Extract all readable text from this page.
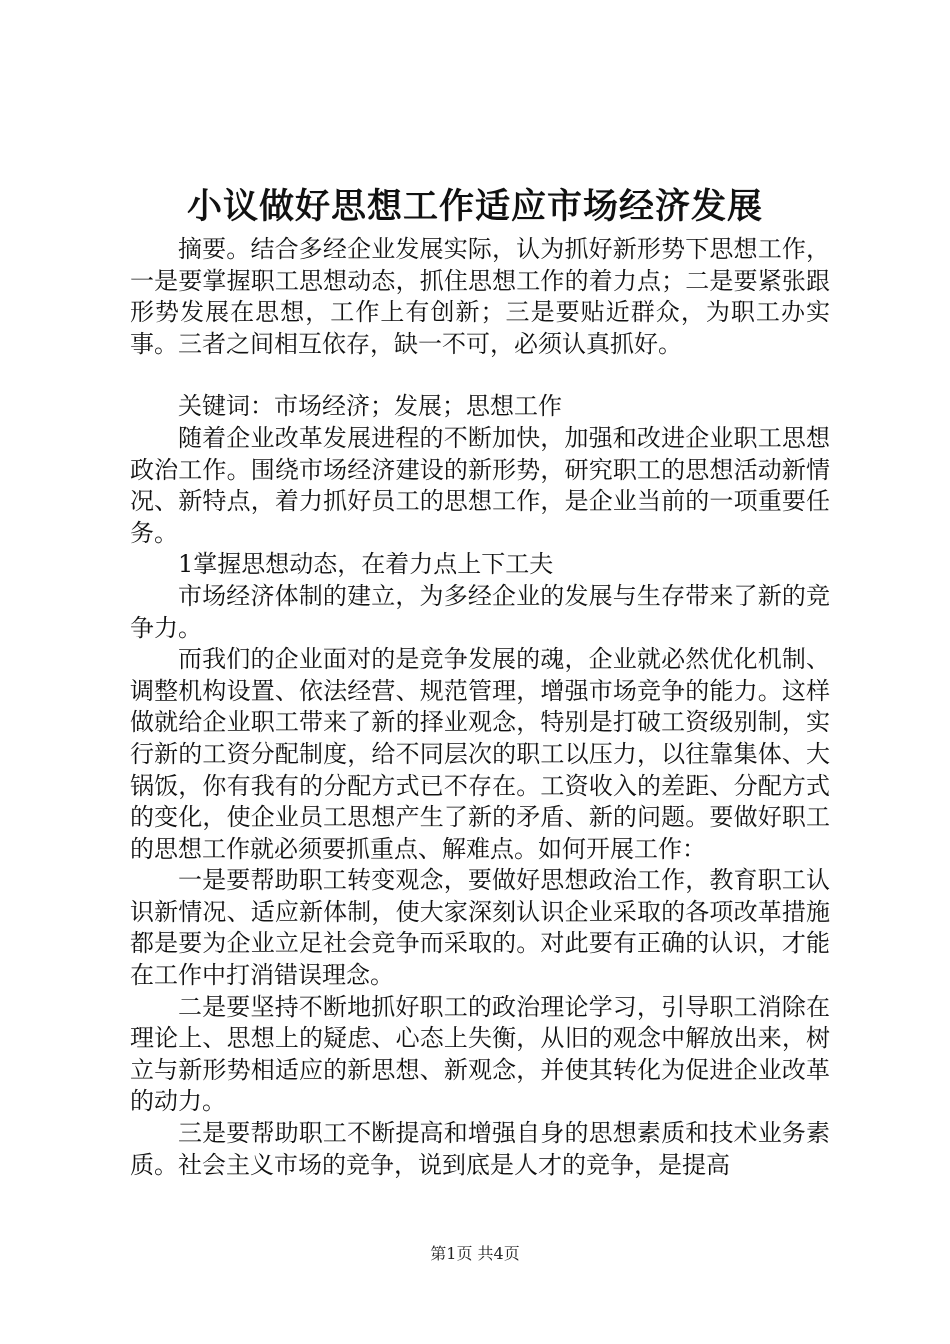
小议做好思想工作适应市场经济发展

摘要。结合多经企业发展实际，认为抓好新形势下思想工作，一是要掌握职工思想动态，抓住思想工作的着力点；二是要紧张跟形势发展在思想，工作上有创新；三是要贴近群众，为职工办实事。三者之间相互依存，缺一不可，必须认真抓好。

关键词：市场经济；发展；思想工作

随着企业改革发展进程的不断加快，加强和改进企业职工思想政治工作。围绕市场经济建设的新形势，研究职工的思想活动新情况、新特点，着力抓好员工的思想工作，是企业当前的一项重要任务。

1掌握思想动态，在着力点上下工夫

市场经济体制的建立，为多经企业的发展与生存带来了新的竞争力。

而我们的企业面对的是竞争发展的魂，企业就必然优化机制、调整机构设置、依法经营、规范管理，增强市场竞争的能力。这样做就给企业职工带来了新的择业观念，特别是打破工资级别制，实行新的工资分配制度，给不同层次的职工以压力，以往靠集体、大锅饭，你有我有的分配方式已不存在。工资收入的差距、分配方式的变化，使企业员工思想产生了新的矛盾、新的问题。要做好职工的思想工作就必须要抓重点、解难点。如何开展工作：

一是要帮助职工转变观念，要做好思想政治工作，教育职工认识新情况、适应新体制，使大家深刻认识企业采取的各项改革措施都是要为企业立足社会竞争而采取的。对此要有正确的认识，才能在工作中打消错误理念。

二是要坚持不断地抓好职工的政治理论学习，引导职工消除在理论上、思想上的疑虑、心态上失衡，从旧的观念中解放出来，树立与新形势相适应的新思想、新观念，并使其转化为促进企业改革的动力。

三是要帮助职工不断提高和增强自身的思想素质和技术业务素质。社会主义市场的竞争，说到底是人才的竞争，是提高

第1页 共4页
